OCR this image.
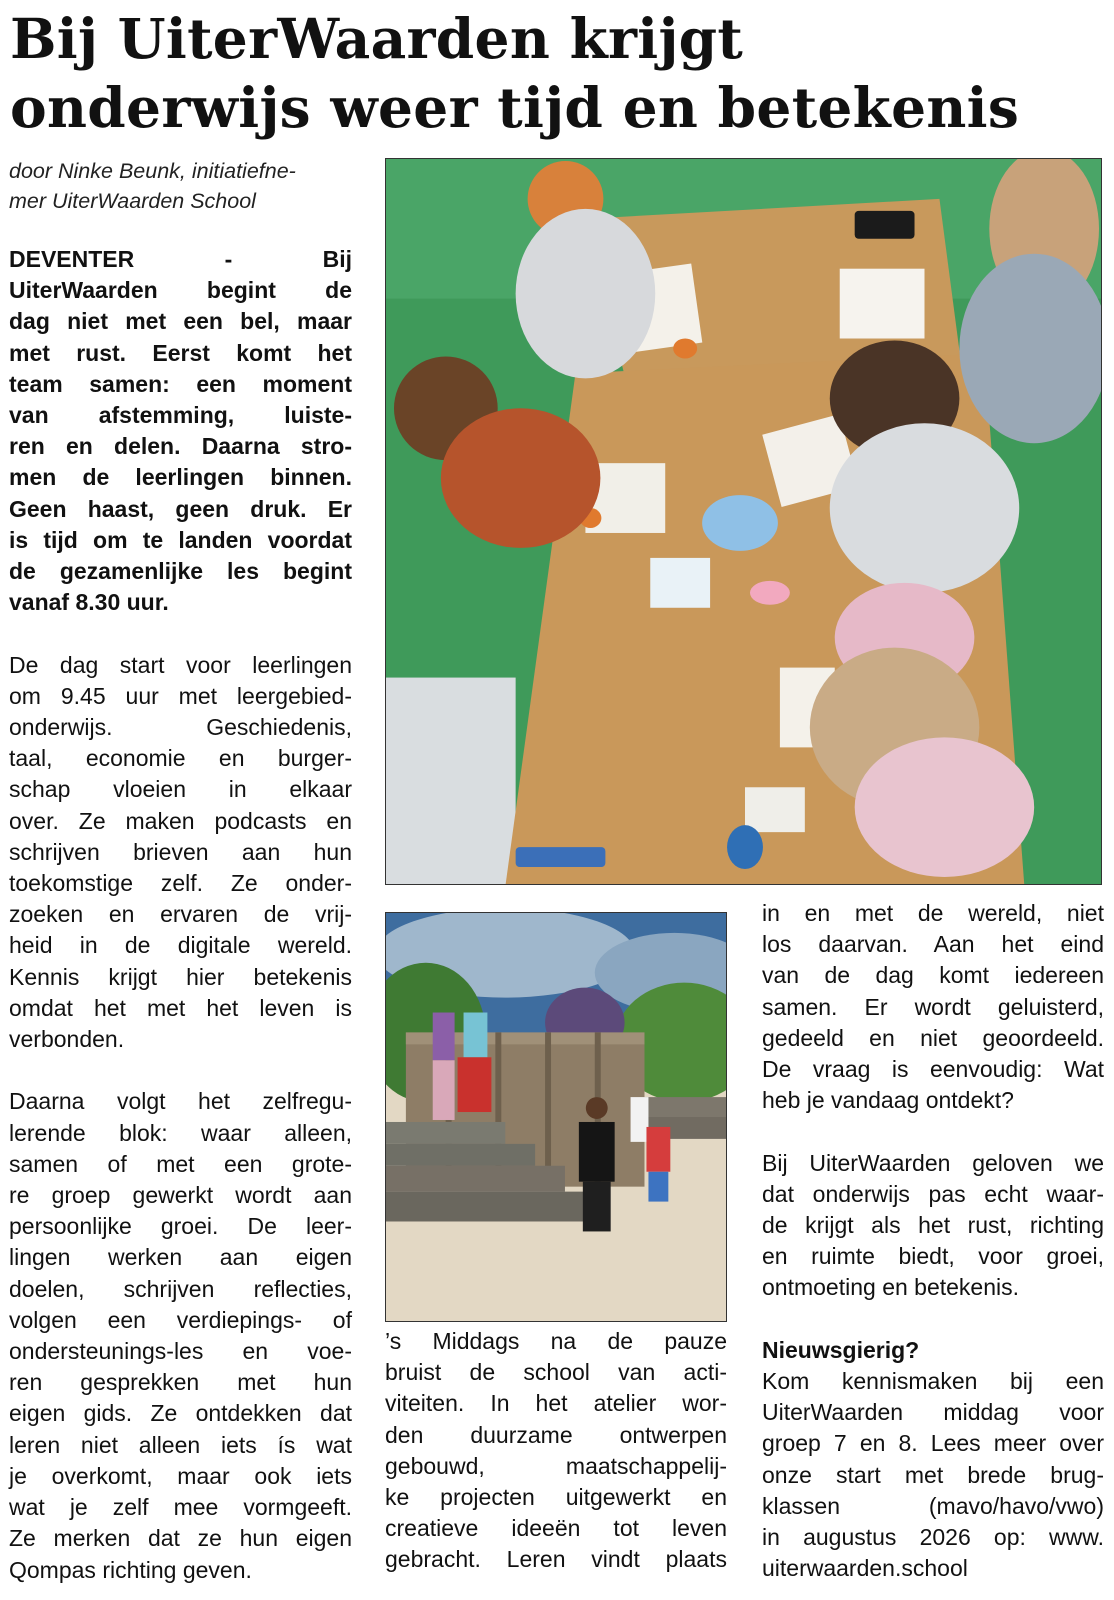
Bij UiterWaarden krijgt
onderwijs weer tijd en betekenis
door Ninke Beunk, initiatiefne-
mer UiterWaarden School
DEVENTER - Bij
UiterWaarden begint de
dag niet met een bel, maar
met rust. Eerst komt het
team samen: een moment
van afstemming, luiste-
ren en delen. Daarna stro-
men de leerlingen binnen.
Geen haast, geen druk. Er
is tijd om te landen voordat
de gezamenlijke les begint
vanaf 8.30 uur.
De dag start voor leerlingen
om 9.45 uur met leergebied-
onderwijs. Geschiedenis,
taal, economie en burger-
schap vloeien in elkaar
over. Ze maken podcasts en
schrijven brieven aan hun
toekomstige zelf. Ze onder-
zoeken en ervaren de vrij-
heid in de digitale wereld.
Kennis krijgt hier betekenis
omdat het met het leven is
verbonden.
Daarna volgt het zelfregu-
lerende blok: waar alleen,
samen of met een grote-
re groep gewerkt wordt aan
persoonlijke groei. De leer-
lingen werken aan eigen
doelen, schrijven reflecties,
volgen een verdiepings- of
ondersteunings-les en voe-
ren gesprekken met hun
eigen gids. Ze ontdekken dat
leren niet alleen iets ís wat
je overkomt, maar ook iets
wat je zelf mee vormgeeft.
Ze merken dat ze hun eigen
Qompas richting geven.
’s Middags na de pauze
bruist de school van acti-
viteiten. In het atelier wor-
den duurzame ontwerpen
gebouwd, maatschappelij-
ke projecten uitgewerkt en
creatieve ideeën tot leven
gebracht. Leren vindt plaats
in en met de wereld, niet
los daarvan. Aan het eind
van de dag komt iedereen
samen. Er wordt geluisterd,
gedeeld en niet geoordeeld.
De vraag is eenvoudig: Wat
heb je vandaag ontdekt?
Bij UiterWaarden geloven we
dat onderwijs pas echt waar-
de krijgt als het rust, richting
en ruimte biedt, voor groei,
ontmoeting en betekenis.
Nieuwsgierig?
Kom kennismaken bij een
UiterWaarden middag voor
groep 7 en 8. Lees meer over
onze start met brede brug-
klassen (mavo/havo/vwo)
in augustus 2026 op: www.
uiterwaarden.school
